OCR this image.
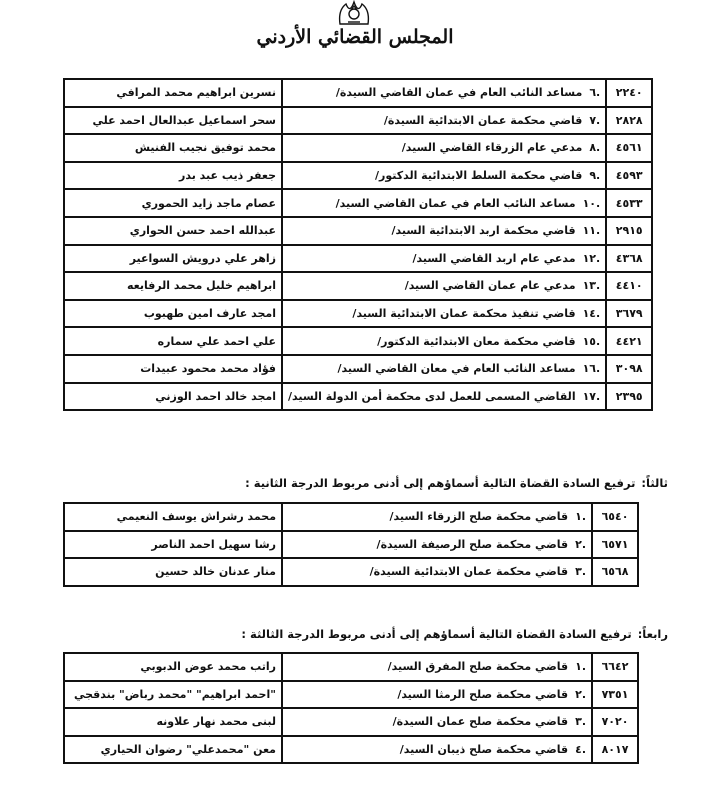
المجلس القضائي الأردني
٢٢٤٠	.٦مساعد النائب العام في عمان القاضي السيدة/	نسرين ابراهيم محمد المرافي
٢٨٢٨	.٧قاضي محكمة عمان الابتدائية السيدة/	سحر اسماعيل عبدالعال احمد علي
٤٥٦١	.٨مدعي عام الزرقاء القاضي السيد/	محمد توفيق نجيب الفنيش
٤٥٩٣	.٩قاضي محكمة السلط الابتدائية الدكتور/	جعفر ذيب عبد بدر
٤٥٣٣	.١٠مساعد النائب العام في عمان القاضي السيد/	عصام ماجد زايد الحموري
٢٩١٥	.١١قاضي محكمة اربد الابتدائية السيد/	عبدالله احمد حسن الحواري
٤٣٦٨	.١٢مدعي عام اربد القاضي السيد/	زاهر علي درويش السواعير
٤٤١٠	.١٣مدعي عام عمان القاضي السيد/	ابراهيم خليل محمد الرفايعه
٣٦٧٩	.١٤قاضي تنفيذ محكمة عمان الابتدائية السيد/	امجد عارف امين طهبوب
٤٤٢١	.١٥قاضي محكمة معان الابتدائية الدكتور/	علي احمد علي سماره
٣٠٩٨	.١٦مساعد النائب العام في معان القاضي السيد/	فؤاد محمد محمود عبيدات
٢٣٩٥	.١٧القاضي المسمى للعمل لدى محكمة أمن الدولة السيد/	امجد خالد احمد الوزني
ثالثاً:ترفيع السادة القضاة التالية أسماؤهم إلى أدنى مربوط الدرجة الثانية :
٦٥٤٠	.١قاضي محكمة صلح الزرقاء السيد/	محمد رشراش يوسف النعيمي
٦٥٧١	.٢قاضي محكمة صلح الرصيفة السيدة/	رشا سهيل احمد الناصر
٦٥٦٨	.٣قاضي محكمة عمان الابتدائية السيدة/	منار عدنان خالد حسين
رابعاً:ترفيع السادة القضاة التالية أسماؤهم إلى أدنى مربوط الدرجة الثالثة :
٦٦٤٢	.١قاضي محكمة صلح المفرق السيد/	راتب محمد عوض الدبوبي
٧٣٥١	.٢قاضي محكمة صلح الرمثا السيد/	"احمد ابراهيم" "محمد رباض" بندقجي
٧٠٢٠	.٣قاضي محكمة صلح عمان السيدة/	لبنى محمد نهار علاونه
٨٠١٧	.٤قاضي محكمة صلح ذيبان السيد/	معن "محمدعلي" رضوان الحياري
